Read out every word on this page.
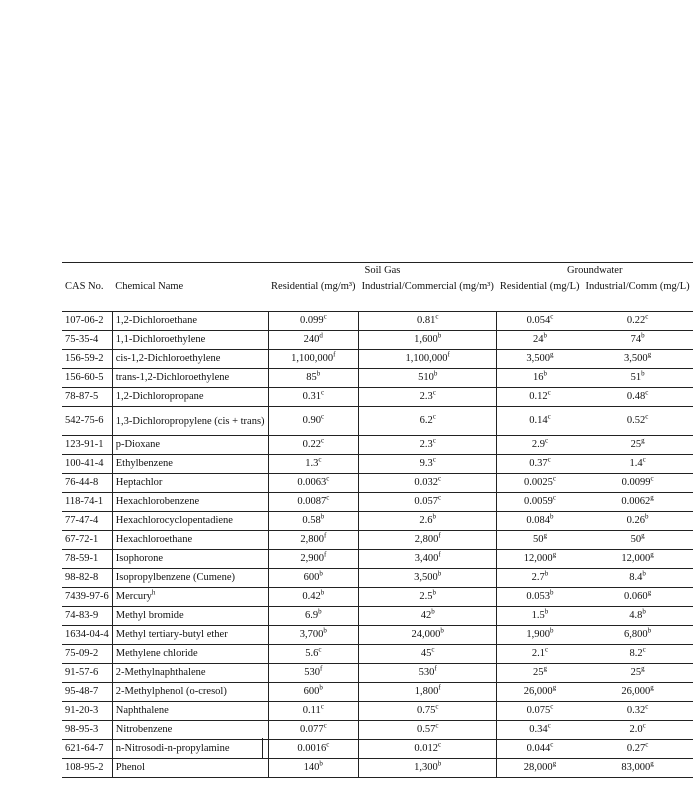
		Soil Gas		Groundwater	
CAS No.	Chemical Name	Residential (mg/m³)	Industrial/Commercial (mg/m³)	Residential (mg/L)	Industrial/Comm (mg/L)
107-06-2	1,2-Dichloroethane	0.099$^c$	0.81$^c$	0.054$^c$	0.22$^c$
75-35-4	1,1-Dichloroethylene	240$^d$	1,600$^b$	24$^b$	74$^b$
156-59-2	cis-1,2-Dichloroethylene	1,100,000$^f$	1,100,000$^f$	3,500$^g$	3,500$^g$
156-60-5	trans-1,2-Dichloroethylene	85$^b$	510$^b$	16$^b$	51$^b$
78-87-5	1,2-Dichloropropane	0.31$^c$	2.3$^c$	0.12$^c$	0.48$^c$
542-75-6	1,3-Dichloropropylene (cis + trans)	0.90$^c$	6.2$^c$	0.14$^c$	0.52$^c$
123-91-1	p-Dioxane	0.22$^c$	2.3$^c$	2.9$^c$	25$^g$
100-41-4	Ethylbenzene	1.3$^c$	9.3$^c$	0.37$^c$	1.4$^c$
76-44-8	Heptachlor	0.0063$^c$	0.032$^c$	0.0025$^c$	0.0099$^c$
118-74-1	Hexachlorobenzene	0.0087$^c$	0.057$^c$	0.0059$^c$	0.0062$^g$
77-47-4	Hexachlorocyclopentadiene	0.58$^b$	2.6$^b$	0.084$^b$	0.26$^b$
67-72-1	Hexachloroethane	2,800$^f$	2,800$^f$	50$^g$	50$^g$
78-59-1	Isophorone	2,900$^f$	3,400$^f$	12,000$^g$	12,000$^g$
98-82-8	Isopropylbenzene (Cumene)	600$^b$	3,500$^b$	2.7$^b$	8.4$^b$
7439-97-6	Mercury$^h$	0.42$^b$	2.5$^b$	0.053$^b$	0.060$^g$
74-83-9	Methyl bromide	6.9$^b$	42$^b$	1.5$^b$	4.8$^b$
1634-04-4	Methyl tertiary-butyl ether	3,700$^b$	24,000$^b$	1,900$^b$	6,800$^b$
75-09-2	Methylene chloride	5.6$^c$	45$^c$	2.1$^c$	8.2$^c$
91-57-6	2-Methylnaphthalene	530$^f$	530$^f$	25$^g$	25$^g$
95-48-7	2-Methylphenol (o-cresol)	600$^b$	1,800$^f$	26,000$^g$	26,000$^g$
91-20-3	Naphthalene	0.11$^c$	0.75$^c$	0.075$^c$	0.32$^c$
98-95-3	Nitrobenzene	0.077$^c$	0.57$^c$	0.34$^c$	2.0$^c$
621-64-7	n-Nitrosodi-n-propylamine	0.0016$^c$	0.012$^c$	0.044$^c$	0.27$^c$
108-95-2	Phenol	140$^b$	1,300$^b$	28,000$^g$	83,000$^g$
